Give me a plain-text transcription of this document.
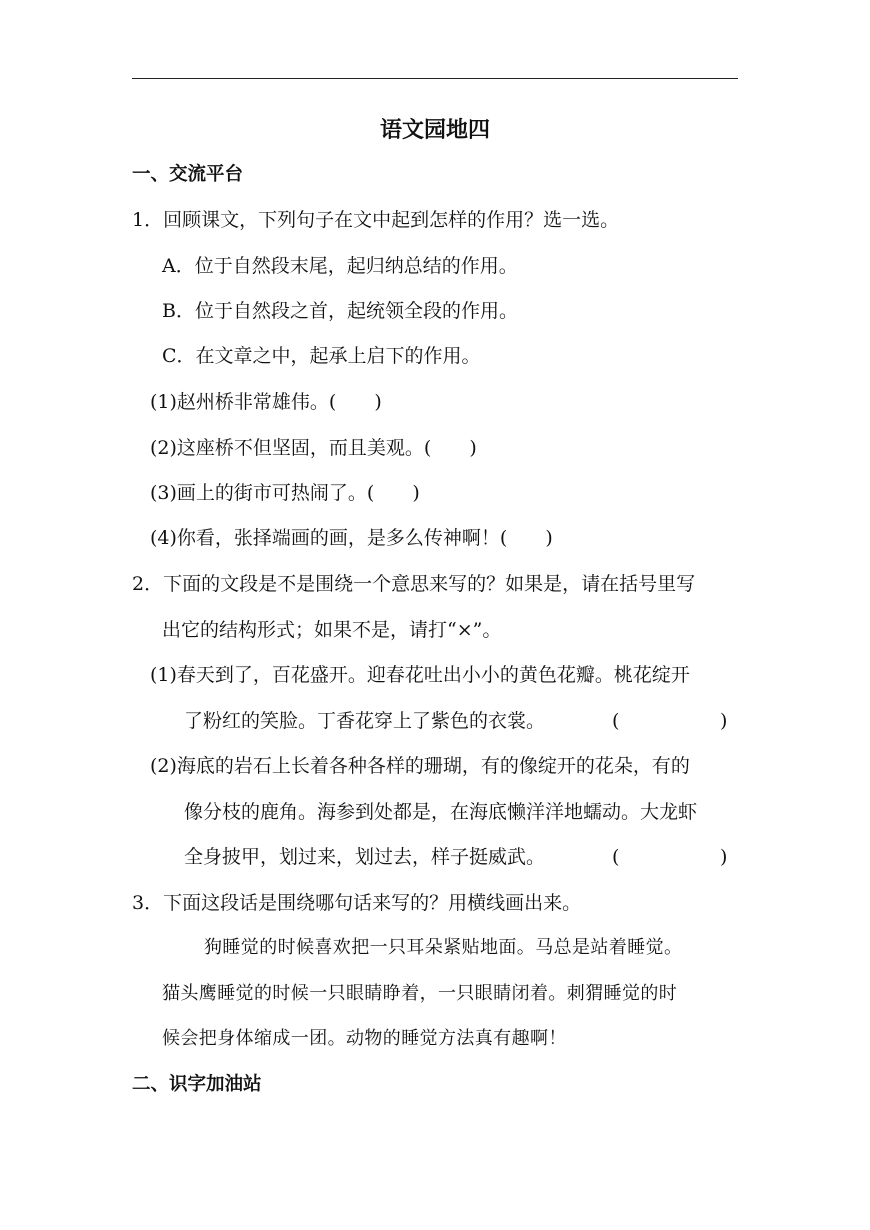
语文园地四
一、交流平台
1．回顾课文，下列句子在文中起到怎样的作用？选一选。
A．位于自然段末尾，起归纳总结的作用。
B．位于自然段之首，起统领全段的作用。
C．在文章之中，起承上启下的作用。
(1)赵州桥非常雄伟。(　　)
(2)这座桥不但坚固，而且美观。(　　)
(3)画上的街市可热闹了。(　　)
(4)你看，张择端画的画，是多么传神啊！(　　)
2．下面的文段是不是围绕一个意思来写的？如果是，请在括号里写
出它的结构形式；如果不是，请打“×”。
(1)春天到了，百花盛开。迎春花吐出小小的黄色花瓣。桃花绽开
了粉红的笑脸。丁香花穿上了紫色的衣裳。	(	)
(2)海底的岩石上长着各种各样的珊瑚，有的像绽开的花朵，有的
像分枝的鹿角。海参到处都是，在海底懒洋洋地蠕动。大龙虾
全身披甲，划过来，划过去，样子挺威武。	(	)
3．下面这段话是围绕哪句话来写的？用横线画出来。
狗睡觉的时候喜欢把一只耳朵紧贴地面。马总是站着睡觉。
猫头鹰睡觉的时候一只眼睛睁着，一只眼睛闭着。刺猬睡觉的时
候会把身体缩成一团。动物的睡觉方法真有趣啊！
二、识字加油站
